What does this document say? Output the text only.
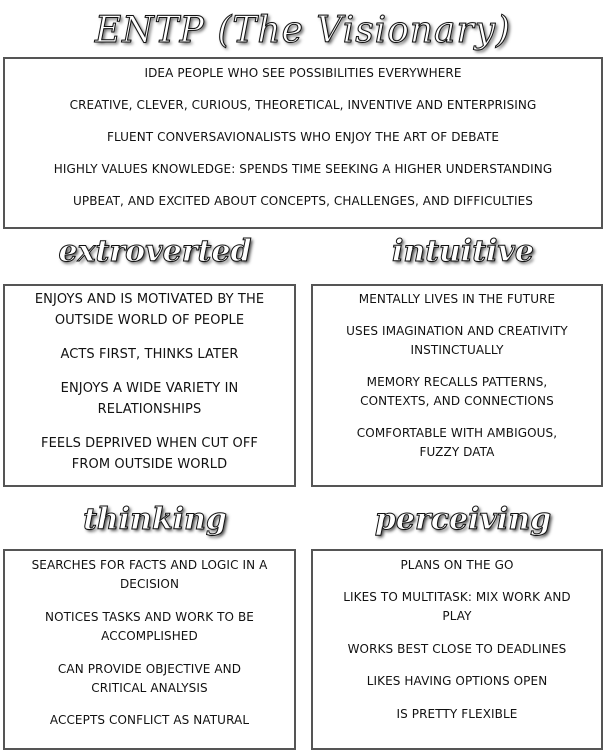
ENTP (The Visionary)
IDEA PEOPLE WHO SEE POSSIBILITIES EVERYWHERE
CREATIVE, CLEVER, CURIOUS, THEORETICAL, INVENTIVE AND ENTERPRISING
FLUENT CONVERSAVIONALISTS WHO ENJOY THE ART OF DEBATE
HIGHLY VALUES KNOWLEDGE: SPENDS TIME SEEKING A HIGHER UNDERSTANDING
UPBEAT, AND EXCITED ABOUT CONCEPTS, CHALLENGES, AND DIFFICULTIES
extroverted
ENJOYS AND IS MOTIVATED BY THE
OUTSIDE WORLD OF PEOPLE
ACTS FIRST, THINKS LATER
ENJOYS A WIDE VARIETY IN
RELATIONSHIPS
FEELS DEPRIVED WHEN CUT OFF
FROM OUTSIDE WORLD
intuitive
MENTALLY LIVES IN THE FUTURE
USES IMAGINATION AND CREATIVITY
INSTINCTUALLY
MEMORY RECALLS PATTERNS,
CONTEXTS, AND CONNECTIONS
COMFORTABLE WITH AMBIGOUS,
FUZZY DATA
thinking
SEARCHES FOR FACTS AND LOGIC IN A
DECISION
NOTICES TASKS AND WORK TO BE
ACCOMPLISHED
CAN PROVIDE OBJECTIVE AND
CRITICAL ANALYSIS
ACCEPTS CONFLICT AS NATURAL
perceiving
PLANS ON THE GO
LIKES TO MULTITASK: MIX WORK AND
PLAY
WORKS BEST CLOSE TO DEADLINES
LIKES HAVING OPTIONS OPEN
IS PRETTY FLEXIBLE
